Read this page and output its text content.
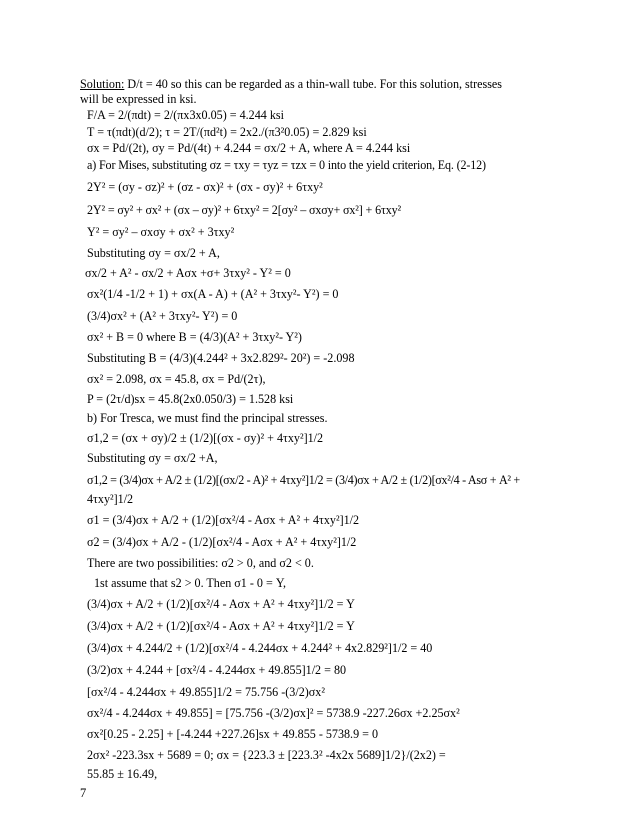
Solution: D/t = 40 so this can be regarded as a thin-wall tube. For this solution, stresses
will be expressed in ksi.
F/A = 2/(πdt) = 2/(πx3x0.05) = 4.244 ksi
T = τ(πdt)(d/2); τ = 2T/(πd²t) = 2x2./(π3²0.05) = 2.829 ksi
σx = Pd/(2t), σy = Pd/(4t) + 4.244 = σx/2 + A, where A = 4.244 ksi
a) For Mises, substituting σz = τxy = τyz = τzx = 0 into the yield criterion, Eq. (2-12)
2Y² = (σy - σz)² + (σz - σx)² + (σx - σy)² + 6τxy²
2Y² = σy² + σx² + (σx – σy)² + 6τxy² = 2[σy² – σxσy+ σx²] + 6τxy²
Y² = σy² – σxσy + σx² + 3τxy²
Substituting σy = σx/2 + A,
σx/2 + A² - σx/2 + Aσx +σ+ 3τxy² - Y² = 0
σx²(1/4 -1/2 + 1) + σx(A - A) + (A² + 3τxy²- Y²) = 0
(3/4)σx² + (A² + 3τxy²- Y²) = 0
σx² + B = 0 where B = (4/3)(A² + 3τxy²- Y²)
Substituting B = (4/3)(4.244² + 3x2.829²- 20²) = -2.098
σx² = 2.098, σx = 45.8, σx = Pd/(2τ),
P = (2τ/d)sx = 45.8(2x0.050/3) = 1.528 ksi
b) For Tresca, we must find the principal stresses.
σ1,2 = (σx + σy)/2 ± (1/2)[(σx - σy)² + 4τxy²]1/2
Substituting σy = σx/2 +A,
σ1,2 = (3/4)σx + A/2 ± (1/2)[(σx/2 - A)² + 4τxy²]1/2 = (3/4)σx + A/2 ± (1/2)[σx²/4 - Asσ + A² +
4τxy²]1/2
σ1 = (3/4)σx + A/2 + (1/2)[σx²/4 - Aσx + A² + 4τxy²]1/2
σ2 = (3/4)σx + A/2 - (1/2)[σx²/4 - Aσx + A² + 4τxy²]1/2
There are two possibilities: σ2 > 0, and σ2 < 0.
1st assume that s2 > 0. Then σ1 - 0 = Y,
(3/4)σx + A/2 + (1/2)[σx²/4 - Aσx + A² + 4τxy²]1/2 = Y
(3/4)σx + A/2 + (1/2)[σx²/4 - Aσx + A² + 4τxy²]1/2 = Y
(3/4)σx + 4.244/2 + (1/2)[σx²/4 - 4.244σx + 4.244² + 4x2.829²]1/2 = 40
(3/2)σx + 4.244 + [σx²/4 - 4.244σx + 49.855]1/2 = 80
[σx²/4 - 4.244σx + 49.855]1/2 = 75.756 -(3/2)σx²
σx²/4 - 4.244σx + 49.855] = [75.756 -(3/2)σx]² = 5738.9 -227.26σx +2.25σx²
σx²[0.25 - 2.25] + [-4.244 +227.26]sx + 49.855 - 5738.9 = 0
2σx² -223.3sx + 5689 = 0; σx = {223.3 ± [223.3² -4x2x 5689]1/2}/(2x2) =
55.85 ± 16.49,
7
